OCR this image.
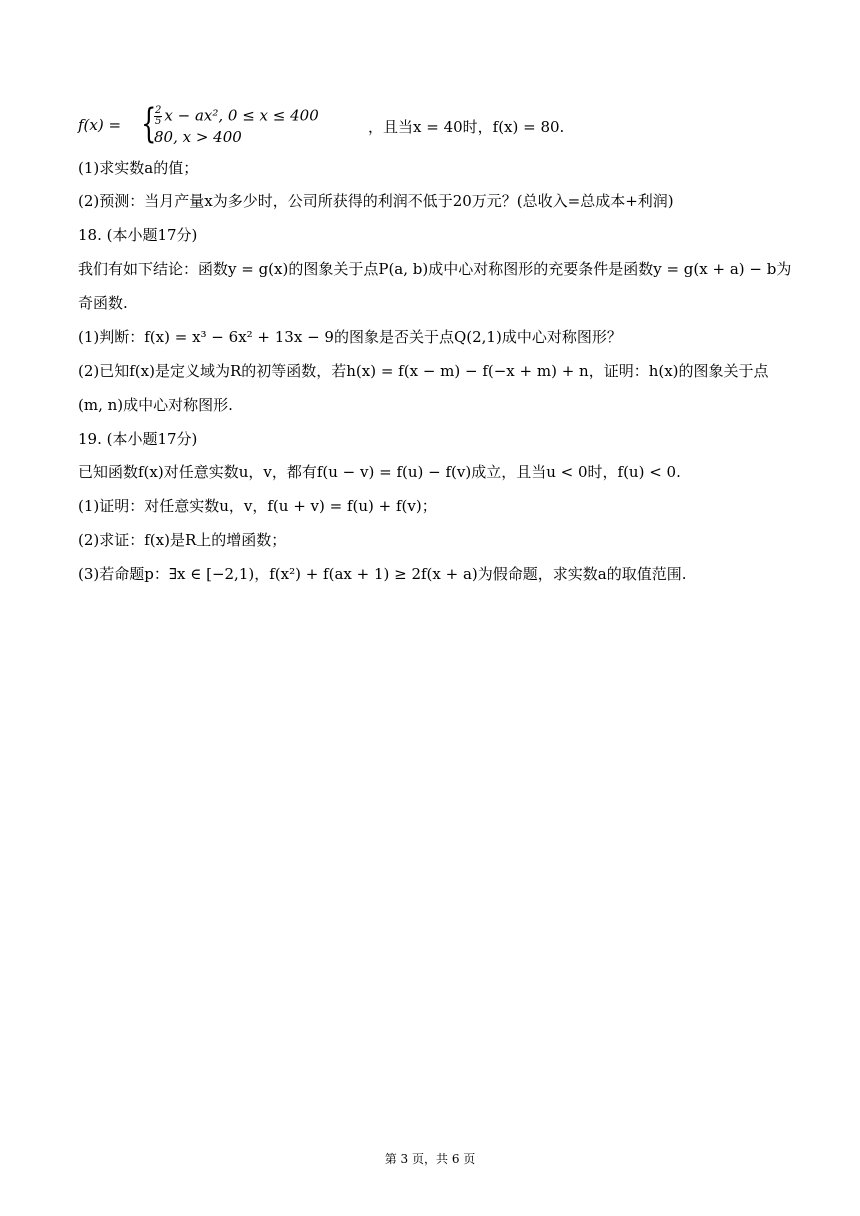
f(x) = {
$\frac{2}{5}$ x − ax², 0 ≤ x ≤ 400
80, x > 400
，且当x = 40时，f(x) = 80.
(1)求实数a的值；
(2)预测：当月产量x为多少时，公司所获得的利润不低于20万元？(总收入=总成本+利润)
18. (本小题17分)
我们有如下结论：函数y = g(x)的图象关于点P(a, b)成中心对称图形的充要条件是函数y = g(x + a) − b为
奇函数.
(1)判断：f(x) = x³ − 6x² + 13x − 9的图象是否关于点Q(2,1)成中心对称图形？
(2)已知f(x)是定义域为R的初等函数，若h(x) = f(x − m) − f(−x + m) + n，证明：h(x)的图象关于点
(m, n)成中心对称图形.
19. (本小题17分)
已知函数f(x)对任意实数u，v，都有f(u − v) = f(u) − f(v)成立，且当u < 0时，f(u) < 0.
(1)证明：对任意实数u，v，f(u + v) = f(u) + f(v)；
(2)求证：f(x)是R上的增函数；
(3)若命题p：∃x ∈ [−2,1)，f(x²) + f(ax + 1) ≥ 2f(x + a)为假命题，求实数a的取值范围.
第 3 页，共 6 页
